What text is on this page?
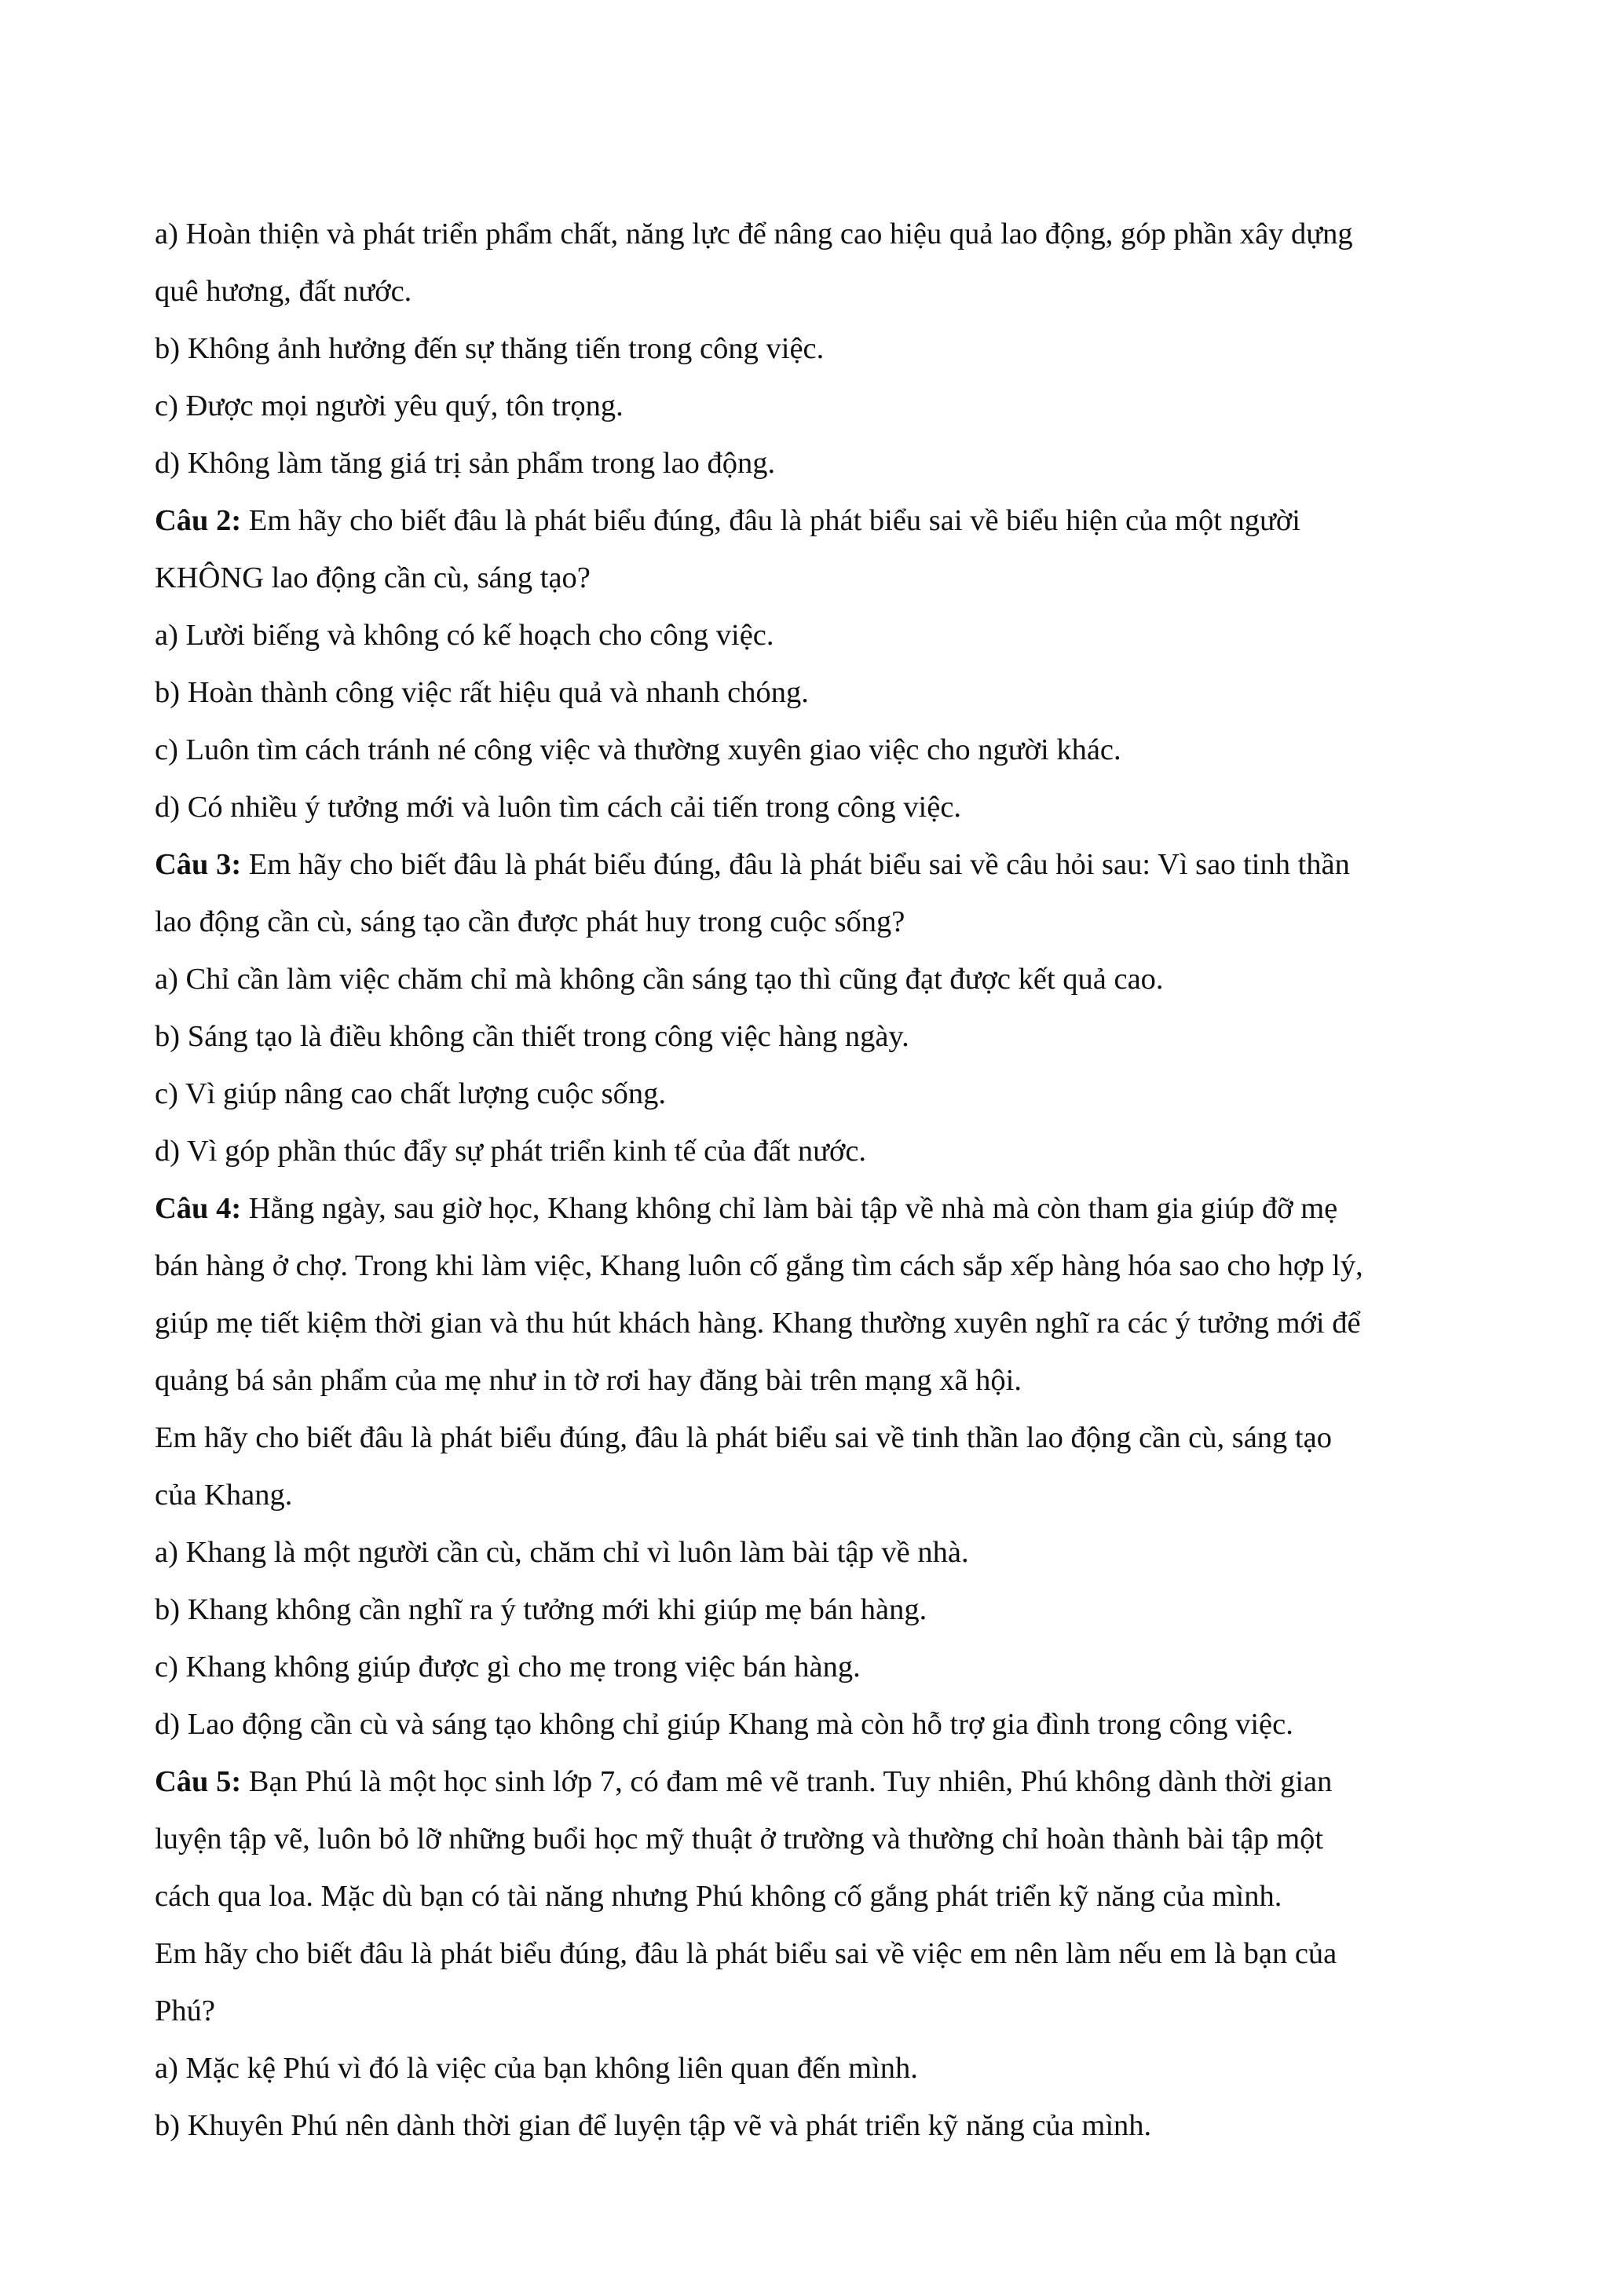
a) Hoàn thiện và phát triển phẩm chất, năng lực để nâng cao hiệu quả lao động, góp phần xây dựng
quê hương, đất nước.
b) Không ảnh hưởng đến sự thăng tiến trong công việc.
c) Được mọi người yêu quý, tôn trọng.
d) Không làm tăng giá trị sản phẩm trong lao động.
Câu 2: Em hãy cho biết đâu là phát biểu đúng, đâu là phát biểu sai về biểu hiện của một người
KHÔNG lao động cần cù, sáng tạo?
a) Lười biếng và không có kế hoạch cho công việc.
b) Hoàn thành công việc rất hiệu quả và nhanh chóng.
c) Luôn tìm cách tránh né công việc và thường xuyên giao việc cho người khác.
d) Có nhiều ý tưởng mới và luôn tìm cách cải tiến trong công việc.
Câu 3: Em hãy cho biết đâu là phát biểu đúng, đâu là phát biểu sai về câu hỏi sau: Vì sao tinh thần
lao động cần cù, sáng tạo cần được phát huy trong cuộc sống?
a) Chỉ cần làm việc chăm chỉ mà không cần sáng tạo thì cũng đạt được kết quả cao.
b) Sáng tạo là điều không cần thiết trong công việc hàng ngày.
c) Vì giúp nâng cao chất lượng cuộc sống.
d) Vì góp phần thúc đẩy sự phát triển kinh tế của đất nước.
Câu 4: Hằng ngày, sau giờ học, Khang không chỉ làm bài tập về nhà mà còn tham gia giúp đỡ mẹ
bán hàng ở chợ. Trong khi làm việc, Khang luôn cố gắng tìm cách sắp xếp hàng hóa sao cho hợp lý,
giúp mẹ tiết kiệm thời gian và thu hút khách hàng. Khang thường xuyên nghĩ ra các ý tưởng mới để
quảng bá sản phẩm của mẹ như in tờ rơi hay đăng bài trên mạng xã hội.
Em hãy cho biết đâu là phát biểu đúng, đâu là phát biểu sai về tinh thần lao động cần cù, sáng tạo
của Khang.
a) Khang là một người cần cù, chăm chỉ vì luôn làm bài tập về nhà.
b) Khang không cần nghĩ ra ý tưởng mới khi giúp mẹ bán hàng.
c) Khang không giúp được gì cho mẹ trong việc bán hàng.
d) Lao động cần cù và sáng tạo không chỉ giúp Khang mà còn hỗ trợ gia đình trong công việc.
Câu 5: Bạn Phú là một học sinh lớp 7, có đam mê vẽ tranh. Tuy nhiên, Phú không dành thời gian
luyện tập vẽ, luôn bỏ lỡ những buổi học mỹ thuật ở trường và thường chỉ hoàn thành bài tập một
cách qua loa. Mặc dù bạn có tài năng nhưng Phú không cố gắng phát triển kỹ năng của mình.
Em hãy cho biết đâu là phát biểu đúng, đâu là phát biểu sai về việc em nên làm nếu em là bạn của
Phú?
a) Mặc kệ Phú vì đó là việc của bạn không liên quan đến mình.
b) Khuyên Phú nên dành thời gian để luyện tập vẽ và phát triển kỹ năng của mình.
